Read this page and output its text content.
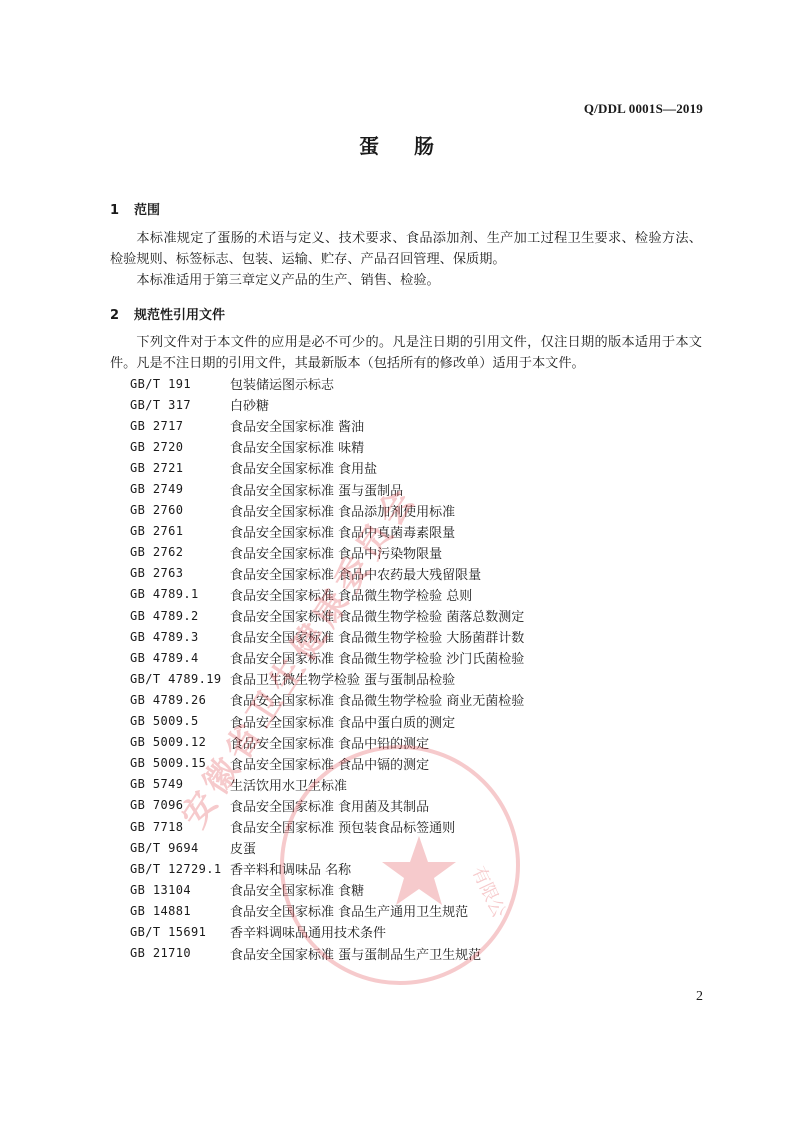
Q/DDL 0001S—2019
蛋 肠
1 范围
本标准规定了蛋肠的术语与定义、技术要求、食品添加剂、生产加工过程卫生要求、检验方法、检验规则、标签标志、包装、运输、贮存、产品召回管理、保质期。
本标准适用于第三章定义产品的生产、销售、检验。
2 规范性引用文件
下列文件对于本文件的应用是必不可少的。凡是注日期的引用文件，仅注日期的版本适用于本文件。凡是不注日期的引用文件，其最新版本（包括所有的修改单）适用于本文件。
GB/T 191	包装储运图示标志
GB/T 317	白砂糖
GB 2717	食品安全国家标准 酱油
GB 2720	食品安全国家标准 味精
GB 2721	食品安全国家标准 食用盐
GB 2749	食品安全国家标准 蛋与蛋制品
GB 2760	食品安全国家标准 食品添加剂使用标准
GB 2761	食品安全国家标准 食品中真菌毒素限量
GB 2762	食品安全国家标准 食品中污染物限量
GB 2763	食品安全国家标准 食品中农药最大残留限量
GB 4789.1	食品安全国家标准 食品微生物学检验 总则
GB 4789.2	食品安全国家标准 食品微生物学检验 菌落总数测定
GB 4789.3	食品安全国家标准 食品微生物学检验 大肠菌群计数
GB 4789.4	食品安全国家标准 食品微生物学检验 沙门氏菌检验
GB/T 4789.19 食品卫生微生物学检验 蛋与蛋制品检验
GB 4789.26	食品安全国家标准 食品微生物学检验 商业无菌检验
GB 5009.5	食品安全国家标准 食品中蛋白质的测定
GB 5009.12	食品安全国家标准 食品中铅的测定
GB 5009.15	食品安全国家标准 食品中镉的测定
GB 5749	生活饮用水卫生标准
GB 7096	食品安全国家标准 食用菌及其制品
GB 7718	食品安全国家标准 预包装食品标签通则
GB/T 9694	皮蛋
GB/T 12729.1 香辛料和调味品 名称
GB 13104	食品安全国家标准 食糖
GB 14881	食品安全国家标准 食品生产通用卫生规范
GB/T 15691	香辛料调味品通用技术条件
GB 21710	食品安全国家标准 蛋与蛋制品生产卫生规范
安徽省卫生健康委员会
有限公
2
